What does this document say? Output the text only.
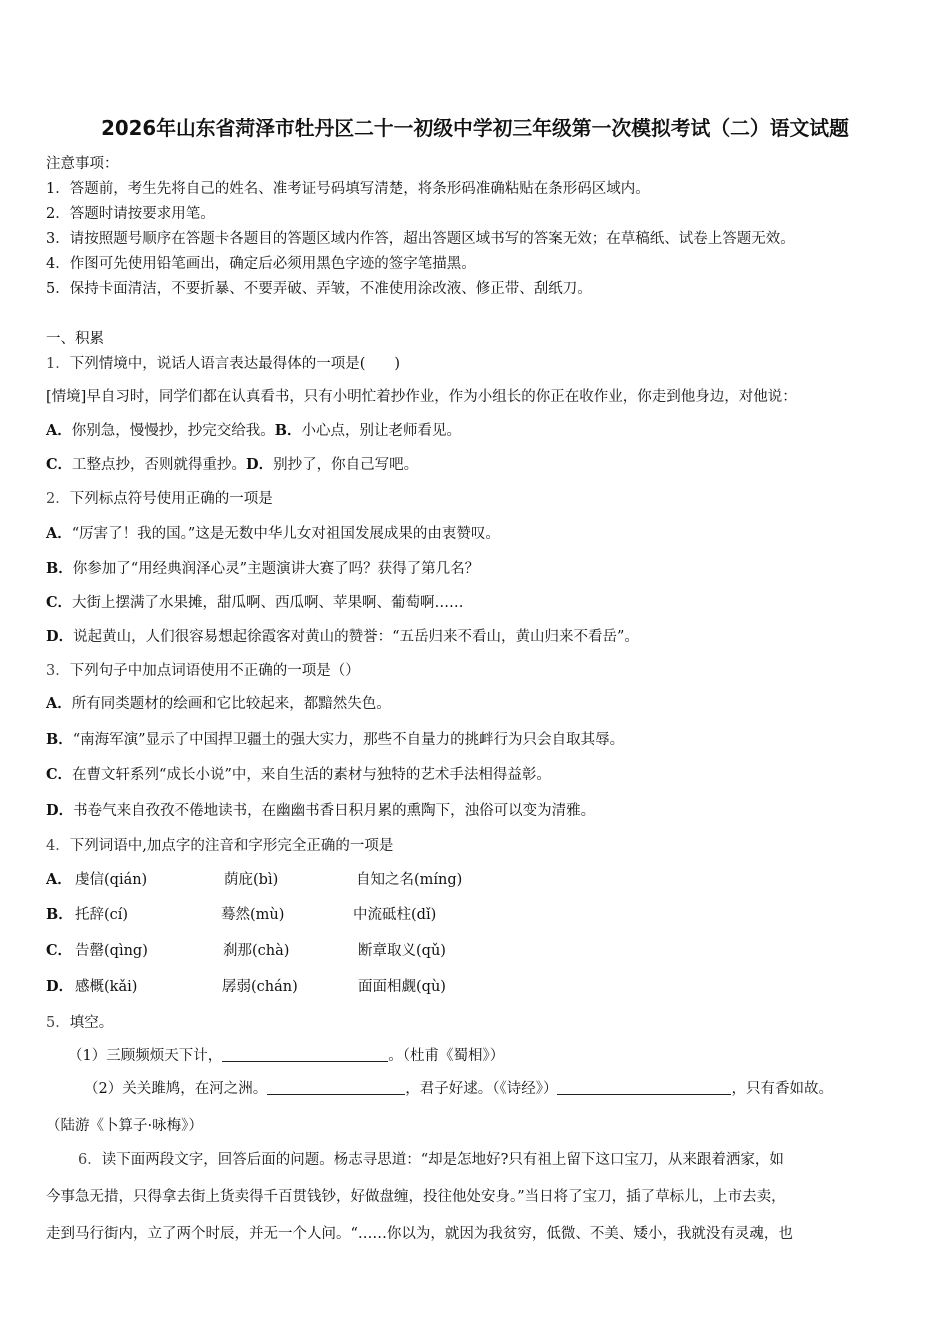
2026年山东省菏泽市牡丹区二十一初级中学初三年级第一次模拟考试（二）语文试题
注意事项：
1．答题前，考生先将自己的姓名、准考证号码填写清楚，将条形码准确粘贴在条形码区域内。
2．答题时请按要求用笔。
3．请按照题号顺序在答题卡各题目的答题区域内作答，超出答题区域书写的答案无效；在草稿纸、试卷上答题无效。
4．作图可先使用铅笔画出，确定后必须用黑色字迹的签字笔描黑。
5．保持卡面清洁，不要折暴、不要弄破、弄皱，不准使用涂改液、修正带、刮纸刀。
一、积累
1．下列情境中，说话人语言表达最得体的一项是(　　)
[情境]早自习时，同学们都在认真看书，只有小明忙着抄作业，作为小组长的你正在收作业，你走到他身边，对他说：
A．你别急，慢慢抄，抄完交给我。B．小心点，别让老师看见。
C．工整点抄，否则就得重抄。D．别抄了，你自己写吧。
2．下列标点符号使用正确的一项是
A．“厉害了！我的国。”这是无数中华儿女对祖国发展成果的由衷赞叹。
B．你参加了“用经典润泽心灵”主题演讲大赛了吗？获得了第几名？
C．大街上摆满了水果摊，甜瓜啊、西瓜啊、苹果啊、葡萄啊……
D．说起黄山，人们很容易想起徐霞客对黄山的赞誉：“五岳归来不看山，黄山归来不看岳”。
3．下列句子中加点词语使用不正确的一项是（）
A．所有同类题材的绘画和它比较起来，都黯然失色。
B．“南海军演”显示了中国捍卫疆土的强大实力，那些不自量力的挑衅行为只会自取其辱。
C．在曹文轩系列“成长小说”中，来自生活的素材与独特的艺术手法相得益彰。
D．书卷气来自孜孜不倦地读书，在幽幽书香日积月累的熏陶下，浊俗可以变为清雅。
4．下列词语中,加点字的注音和字形完全正确的一项是
A． 虔信(qián)	荫庇(bì)	自知之名(míng)
B． 托辞(cí)	蓦然(mù)	中流砥柱(dǐ)
C． 告罄(qìng)	刹那(chà)	断章取义(qǔ)
D． 感概(kǎi)	孱弱(chán)	面面相觑(qù)
5．填空。
（1）三顾频烦天下计，	。（杜甫《蜀相》）
（2）关关雎鸠，在河之洲。	，君子好逑。（《诗经》）	，只有香如故。
（陆游《卜算子·咏梅》）
6．读下面两段文字，回答后面的问题。杨志寻思道：“却是怎地好?只有祖上留下这口宝刀，从来跟着洒家，如
今事急无措，只得拿去街上货卖得千百贯钱钞，好做盘缠，投往他处安身。”当日将了宝刀，插了草标儿，上市去卖，
走到马行街内，立了两个时辰，并无一个人问。“……你以为，就因为我贫穷，低微、不美、矮小，我就没有灵魂，也
